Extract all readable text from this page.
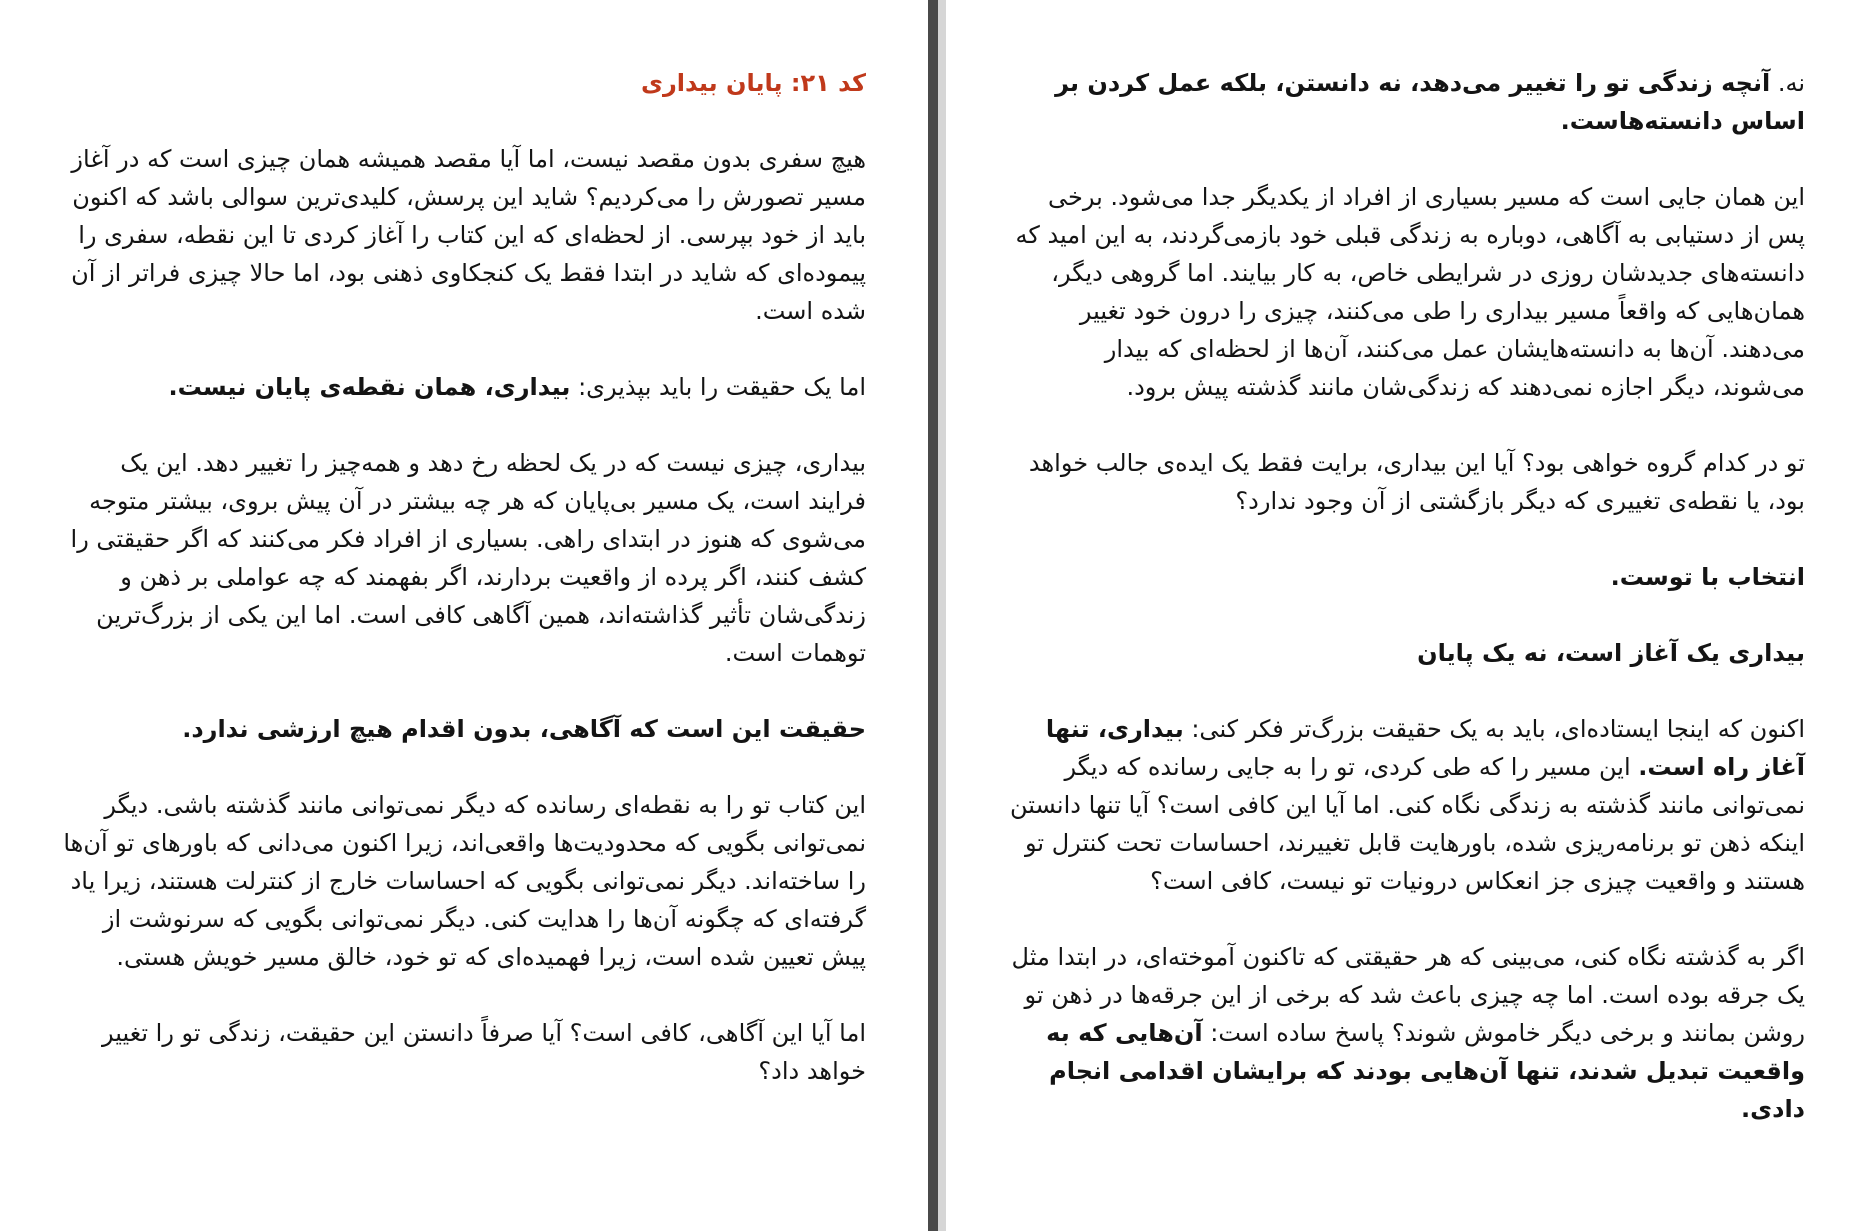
کد ۲۱: پایان بیداری

هیچ سفری بدون مقصد نیست، اما آیا مقصد همیشه همان چیزی است که در آغاز مسیر تصورش را می‌کردیم؟ شاید این پرسش، کلیدی‌ترین سوالی باشد که اکنون باید از خود بپرسی. از لحظه‌ای که این کتاب را آغاز کردی تا این نقطه، سفری را پیموده‌ای که شاید در ابتدا فقط یک کنجکاوی ذهنی بود، اما حالا چیزی فراتر از آن شده است.

اما یک حقیقت را باید بپذیری: بیداری، همان نقطه‌ی پایان نیست.

بیداری، چیزی نیست که در یک لحظه رخ دهد و همه‌چیز را تغییر دهد. این یک فرایند است، یک مسیر بی‌پایان که هر چه بیشتر در آن پیش بروی، بیشتر متوجه می‌شوی که هنوز در ابتدای راهی. بسیاری از افراد فکر می‌کنند که اگر حقیقتی را کشف کنند، اگر پرده از واقعیت بردارند، اگر بفهمند که چه عواملی بر ذهن و زندگی‌شان تأثیر گذاشته‌اند، همین آگاهی کافی است. اما این یکی از بزرگ‌ترین توهمات است.

حقیقت این است که آگاهی، بدون اقدام هیچ ارزشی ندارد.

این کتاب تو را به نقطه‌ای رسانده که دیگر نمی‌توانی مانند گذشته باشی. دیگر نمی‌توانی بگویی که محدودیت‌ها واقعی‌اند، زیرا اکنون می‌دانی که باورهای تو آن‌ها را ساخته‌اند. دیگر نمی‌توانی بگویی که احساسات خارج از کنترلت هستند، زیرا یاد گرفته‌ای که چگونه آن‌ها را هدایت کنی. دیگر نمی‌توانی بگویی که سرنوشت از پیش تعیین شده است، زیرا فهمیده‌ای که تو خود، خالق مسیر خویش هستی.

اما آیا این آگاهی، کافی است؟ آیا صرفاً دانستن این حقیقت، زندگی تو را تغییر خواهد داد؟

نه. آنچه زندگی تو را تغییر می‌دهد، نه دانستن، بلکه عمل کردن بر اساس دانسته‌هاست.

این همان جایی است که مسیر بسیاری از افراد از یکدیگر جدا می‌شود. برخی پس از دستیابی به آگاهی، دوباره به زندگی قبلی خود بازمی‌گردند، به این امید که دانسته‌های جدیدشان روزی در شرایطی خاص، به کار بیایند. اما گروهی دیگر، همان‌هایی که واقعاً مسیر بیداری را طی می‌کنند، چیزی را درون خود تغییر می‌دهند. آن‌ها به دانسته‌هایشان عمل می‌کنند، آن‌ها از لحظه‌ای که بیدار می‌شوند، دیگر اجازه نمی‌دهند که زندگی‌شان مانند گذشته پیش برود.

تو در کدام گروه خواهی بود؟ آیا این بیداری، برایت فقط یک ایده‌ی جالب خواهد بود، یا نقطه‌ی تغییری که دیگر بازگشتی از آن وجود ندارد؟

انتخاب با توست.

بیداری یک آغاز است، نه یک پایان

اکنون که اینجا ایستاده‌ای، باید به یک حقیقت بزرگ‌تر فکر کنی: بیداری، تنها آغاز راه است. این مسیر را که طی کردی، تو را به جایی رسانده که دیگر نمی‌توانی مانند گذشته به زندگی نگاه کنی. اما آیا این کافی است؟ آیا تنها دانستن اینکه ذهن تو برنامه‌ریزی شده، باورهایت قابل تغییرند، احساسات تحت کنترل تو هستند و واقعیت چیزی جز انعکاس درونیات تو نیست، کافی است؟

اگر به گذشته نگاه کنی، می‌بینی که هر حقیقتی که تاکنون آموخته‌ای، در ابتدا مثل یک جرقه بوده است. اما چه چیزی باعث شد که برخی از این جرقه‌ها در ذهن تو روشن بمانند و برخی دیگر خاموش شوند؟ پاسخ ساده است: آن‌هایی که به واقعیت تبدیل شدند، تنها آن‌هایی بودند که برایشان اقدامی انجام دادی.
